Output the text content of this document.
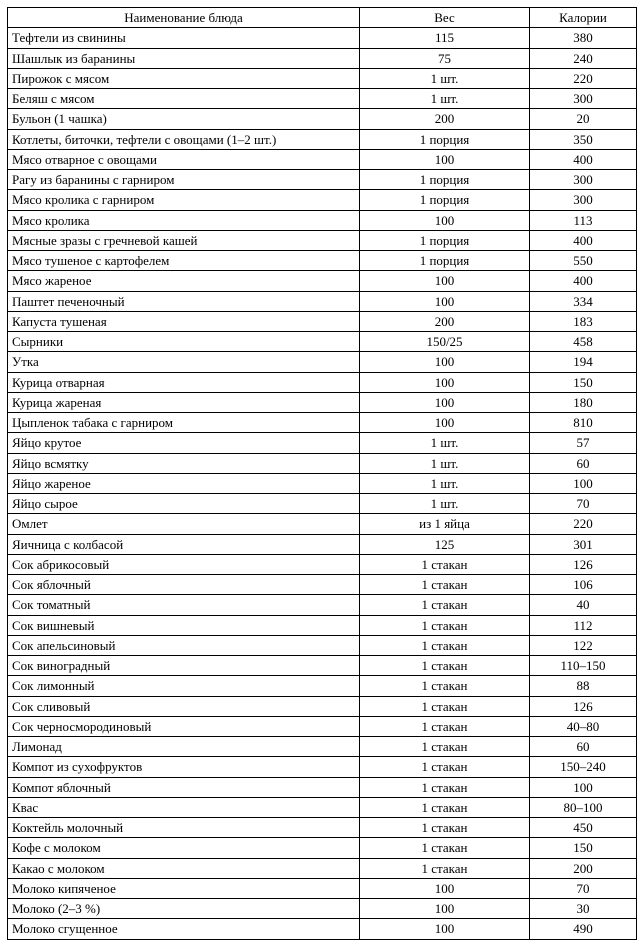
Наименование блюда	Вес	Калории
Тефтели из свинины	115	380
Шашлык из баранины	75	240
Пирожок с мясом	1 шт.	220
Беляш с мясом	1 шт.	300
Бульон (1 чашка)	200	20
Котлеты, биточки, тефтели с овощами (1–2 шт.)	1 порция	350
Мясо отварное с овощами	100	400
Рагу из баранины с гарниром	1 порция	300
Мясо кролика с гарниром	1 порция	300
Мясо кролика	100	113
Мясные зразы с гречневой кашей	1 порция	400
Мясо тушеное с картофелем	1 порция	550
Мясо жареное	100	400
Паштет печеночный	100	334
Капуста тушеная	200	183
Сырники	150/25	458
Утка	100	194
Курица отварная	100	150
Курица жареная	100	180
Цыпленок табака с гарниром	100	810
Яйцо крутое	1 шт.	57
Яйцо всмятку	1 шт.	60
Яйцо жареное	1 шт.	100
Яйцо сырое	1 шт.	70
Омлет	из 1 яйца	220
Яичница с колбасой	125	301
Сок абрикосовый	1 стакан	126
Сок яблочный	1 стакан	106
Сок томатный	1 стакан	40
Сок вишневый	1 стакан	112
Сок апельсиновый	1 стакан	122
Сок виноградный	1 стакан	110–150
Сок лимонный	1 стакан	88
Сок сливовый	1 стакан	126
Сок черносмородиновый	1 стакан	40–80
Лимонад	1 стакан	60
Компот из сухофруктов	1 стакан	150–240
Компот яблочный	1 стакан	100
Квас	1 стакан	80–100
Коктейль молочный	1 стакан	450
Кофе с молоком	1 стакан	150
Какао с молоком	1 стакан	200
Молоко кипяченое	100	70
Молоко (2–3 %)	100	30
Молоко сгущенное	100	490
